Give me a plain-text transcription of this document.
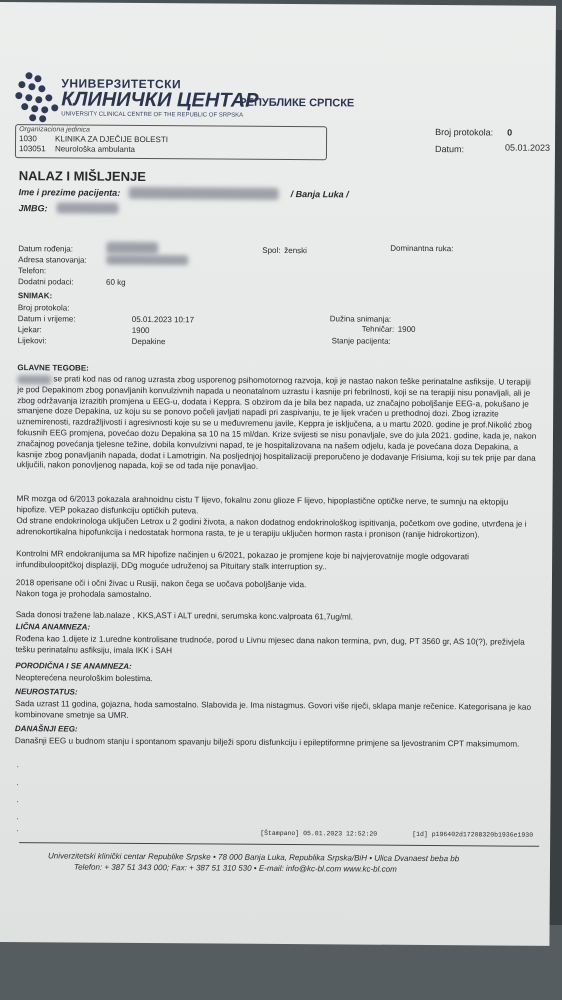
УНИВЕРЗИТЕТСКИ
КЛИНИЧКИ ЦЕНТАР
РЕПУБЛИКЕ СРПСКЕ
UNIVERSITY CLINICAL CENTRE OF THE REPUBLIC OF SRPSKA
Organizaciona jedinica
1030 KLINIKA ZA DJEČIJE BOLESTI
103051 Neurološka ambulanta
Broj protokola: 0
Datum:	05.01.2023
NALAZ I MIŠLJENJE
Ime i prezime pacijenta:	/ Banja Luka /
JMBG:
Datum rođenja:	Spol: ženski	Dominantna ruka:
Adresa stanovanja:
Telefon:
Dodatni podaci:	60 kg
SNIMAK:
Broj protokola:
Datum i vrijeme:	05.01.2023 10:17	Dužina snimanja:
Ljekar:	1900	Tehničar: 1900
Lijekovi:	Depakine	Stanje pacijenta:
GLAVNE TEGOBE:
se prati kod nas od ranog uzrasta zbog usporenog psihomotornog razvoja, koji je nastao nakon teške perinatalne asfiksije. U terapiji je pod Depakinom zbog ponavljanih konvulzivnih napada u neonatalnom uzrastu i kasnije pri febrilnosti, koji se na terapiji nisu ponavljali, ali je zbog održavanja izrazitih promjena u EEG-u, dodata i Keppra. S obzirom da je bila bez napada, uz značajno poboljšanje EEG-a, pokušano je smanjene doze Depakina, uz koju su se ponovo počeli javljati napadi pri zaspivanju, te je lijek vraćen u prethodnoj dozi. Zbog izrazite uznemirenosti, razdražljivosti i agresivnosti koje su se u međuvremenu javile, Keppra je isključena, a u martu 2020. godine je prof.Nikolić zbog fokusnih EEG promjena, povećao dozu Depakina sa 10 na 15 ml/dan. Krize svijesti se nisu ponavljale, sve do jula 2021. godine, kada je, nakon značajnog povećanja tjelesne težine, dobila konvulzivni napad, te je hospitalizovana na našem odjelu, kada je povećana doza Depakina, a kasnije zbog ponavljanih napada, dodat i Lamotrigin. Na posljednjoj hospitalizaciji preporučeno je dodavanje Frisiuma, koji su tek prije par dana uključili, nakon ponovljenog napada, koji se od tada nije ponavljao.
MR mozga od 6/2013 pokazala arahnoidnu cistu T lijevo, fokalnu zonu glioze F lijevo, hipoplastične optičke nerve, te sumnju na ektopiju hipofize. VEP pokazao disfunkciju optičkih puteva.
Od strane endokrinologa uključen Letrox u 2 godini života, a nakon dodatnog endokrinološkog ispitivanja, početkom ove godine, utvrđena je i adrenokortikalna hipofunkcija i nedostatak hormona rasta, te je u terapiju uključen hormon rasta i pronison (ranije hidrokortizon).
Kontrolni MR endokranijuma sa MR hipofize načinjen u 6/2021, pokazao je promjene koje bi najvjerovatnije mogle odgovarati infundibuloopitčkoj displaziji, DDg moguće udruženoj sa Pituitary stalk interruption sy..
2018 operisane oči i očni živac u Rusiji, nakon čega se uočava poboljšanje vida.
Nakon toga je prohodala samostalno.
Sada donosi tražene lab.nalaze , KKS,AST i ALT uredni, serumska konc.valproata 61,7ug/ml.
LIČNA ANAMNEZA:
Rođena kao 1.dijete iz 1.uredne kontrolisane trudnoće, porod u Livnu mjesec dana nakon termina, pvn, dug, PT 3560 gr, AS 10(?), preživjela tešku perinatalnu asfiksiju, imala IKK i SAH
PORODIČNA I SE ANAMNEZA:
Neopterećena neurološkim bolestima.
NEUROSTATUS:
Sada uzrast 11 godina, gojazna, hoda samostalno. Slabovida je. Ima nistagmus. Govori više riječi, sklapa manje rečenice. Kategorisana je kao kombinovane smetnje sa UMR.
DANAŠNJI EEG:
Današnji EEG u budnom stanju i spontanom spavanju bilježi sporu disfunkciju i epileptiformne primjene sa ljevostranim CPT maksimumom.
.
.
.
.
.
[Štampano] 05.01.2023 12:52:20	[1d] p196402d17208320b1936e1930
Univerzitetski klinički centar Republike Srpske • 78 000 Banja Luka, Republika Srpska/BiH • Ulica Dvanaest beba bb
Telefon: + 387 51 343 000; Fax: + 387 51 310 530 • E-mail: info@kc-bl.com www.kc-bl.com
